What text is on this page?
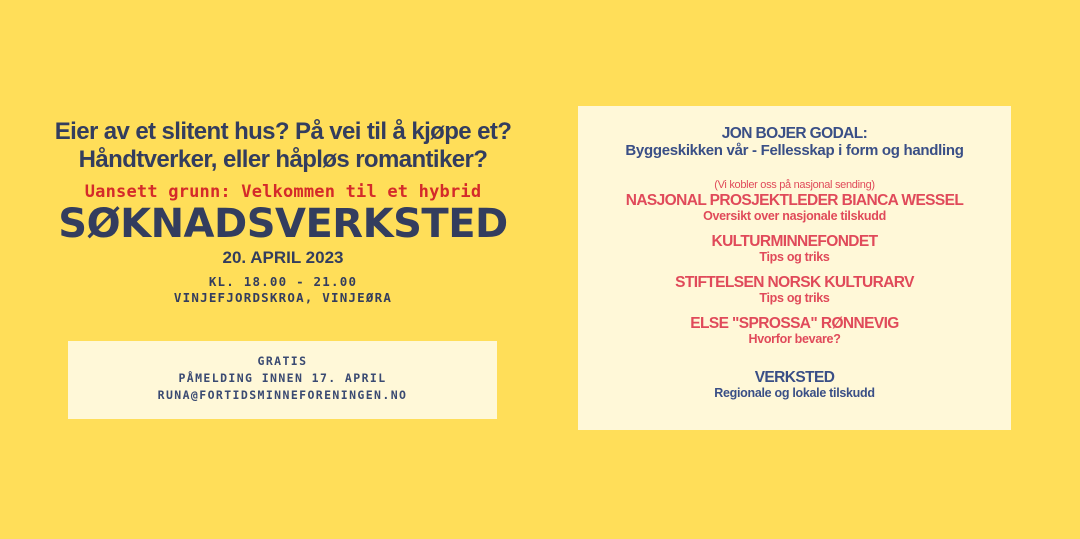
Eier av et slitent hus? På vei til å kjøpe et?
Håndtverker, eller håpløs romantiker?
Uansett grunn: Velkommen til et hybrid
SØKNADSVERKSTED
20. APRIL 2023
KL. 18.00 - 21.00
VINJEFJORDSKROA, VINJEØRA
GRATIS
PÅMELDING INNEN 17. APRIL
RUNA@FORTIDSMINNEFORENINGEN.NO
JON BOJER GODAL:
Byggeskikken vår - Fellesskap i form og handling
(Vi kobler oss på nasjonal sending)
NASJONAL PROSJEKTLEDER BIANCA WESSEL
Oversikt over nasjonale tilskudd
KULTURMINNEFONDET
Tips og triks
STIFTELSEN NORSK KULTURARV
Tips og triks
ELSE "SPROSSA" RØNNEVIG
Hvorfor bevare?
VERKSTED
Regionale og lokale tilskudd
